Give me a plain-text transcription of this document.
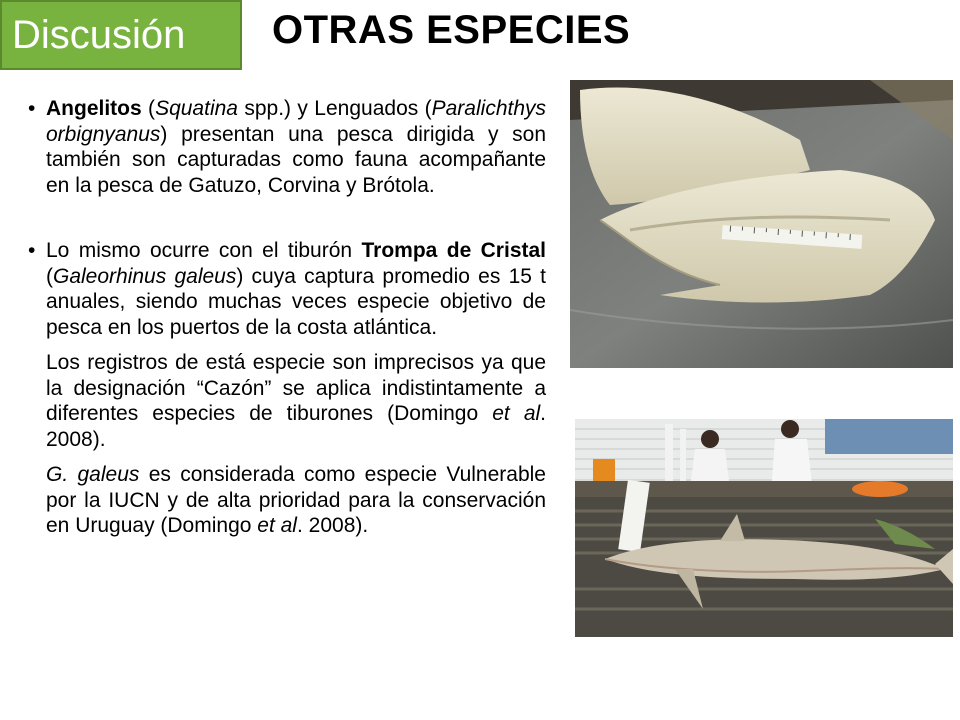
Discusión OTRAS ESPECIES
• Angelitos (Squatina spp.) y Lenguados (Paralichthys orbignyanus) presentan una pesca dirigida y son también son capturadas como fauna acompañante en la pesca de Gatuzo, Corvina y Brótola.
• Lo mismo ocurre con el tiburón Trompa de Cristal (Galeorhinus galeus) cuya captura promedio es 15 t anuales, siendo muchas veces especie objetivo de pesca en los puertos de la costa atlántica.
Los registros de está especie son imprecisos ya que la designación “Cazón” se aplica indistintamente a diferentes especies de tiburones (Domingo et al. 2008).
G. galeus es considerada como especie Vulnerable por la IUCN y de alta prioridad para la conservación en Uruguay (Domingo et al. 2008).
